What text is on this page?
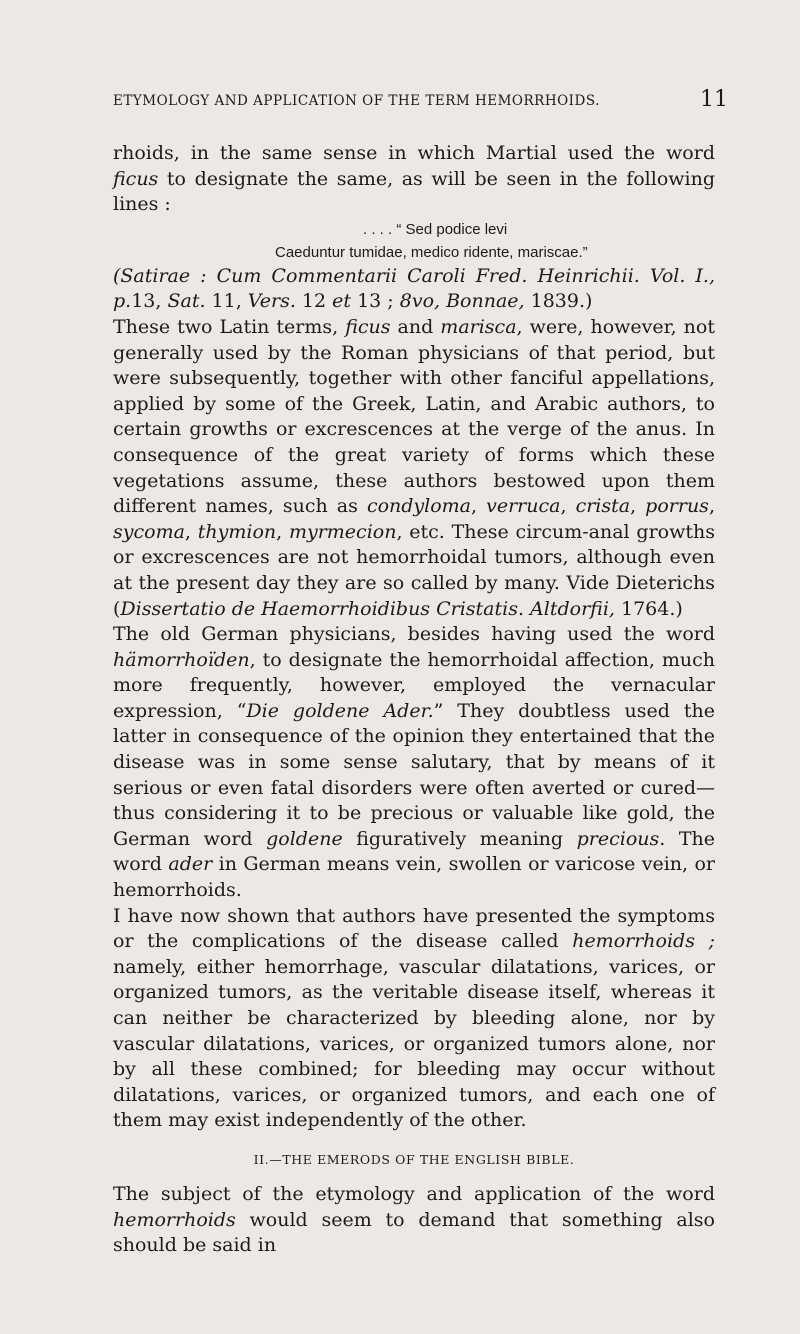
ETYMOLOGY AND APPLICATION OF THE TERM HEMORRHOIDS.	11

rhoids, in the same sense in which Martial used the word ficus to designate the same, as will be seen in the following lines :

. . . . “ Sed podice levi

Caeduntur tumidae, medico ridente, mariscae.”

(Satirae : Cum Commentarii Caroli Fred. Heinrichii. Vol. I., p.13, Sat. 11, Vers. 12 et 13 ; 8vo, Bonnae, 1839.)

These two Latin terms, ficus and marisca, were, however, not generally used by the Roman physicians of that period, but were subsequently, together with other fanciful appellations, applied by some of the Greek, Latin, and Arabic authors, to certain growths or excrescences at the verge of the anus. In consequence of the great variety of forms which these vegetations assume, these authors bestowed upon them different names, such as condyloma, verruca, crista, porrus, sycoma, thymion, myrmecion, etc. These circum-anal growths or excrescences are not hemorrhoidal tumors, although even at the present day they are so called by many. Vide Dieterichs (Dissertatio de Haemorrhoidibus Cristatis. Altdorfii, 1764.)

The old German physicians, besides having used the word hämorrhoïden, to designate the hemorrhoidal affection, much more frequently, however, employed the vernacular expression, “Die goldene Ader.” They doubtless used the latter in consequence of the opinion they entertained that the disease was in some sense salutary, that by means of it serious or even fatal disorders were often averted or cured—thus considering it to be precious or valuable like gold, the German word goldene figuratively meaning precious. The word ader in German means vein, swollen or varicose vein, or hemorrhoids.

I have now shown that authors have presented the symptoms or the complications of the disease called hemorrhoids ; namely, either hemorrhage, vascular dilatations, varices, or organized tumors, as the veritable disease itself, whereas it can neither be characterized by bleeding alone, nor by vascular dilatations, varices, or organized tumors alone, nor by all these combined; for bleeding may occur without dilatations, varices, or organized tumors, and each one of them may exist independently of the other.

II.—THE EMERODS OF THE ENGLISH BIBLE.

The subject of the etymology and application of the word hemorrhoids would seem to demand that something also should be said in
